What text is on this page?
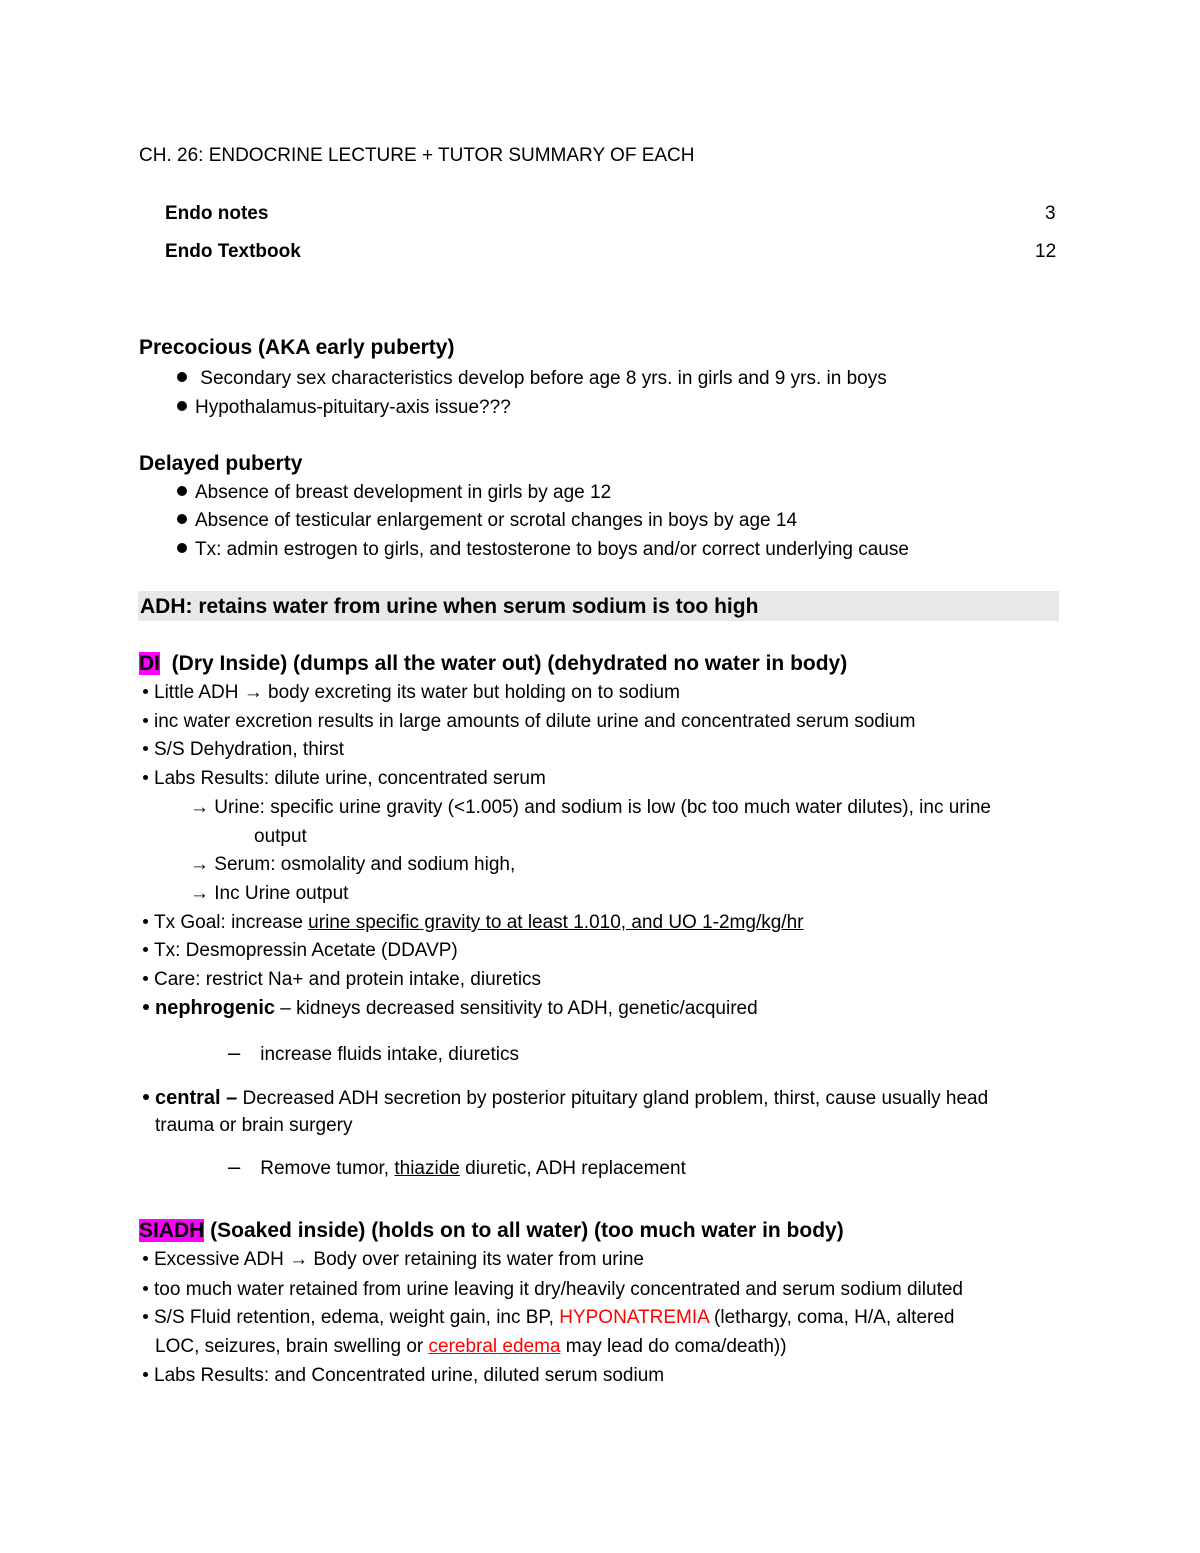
CH. 26: ENDOCRINE LECTURE + TUTOR SUMMARY OF EACH
Endo notes	3
Endo Textbook	12
Precocious (AKA early puberty)
Secondary sex characteristics develop before age 8 yrs. in girls and 9 yrs. in boys
Hypothalamus-pituitary-axis issue???
Delayed puberty
Absence of breast development in girls by age 12
Absence of testicular enlargement or scrotal changes in boys by age 14
Tx: admin estrogen to girls, and testosterone to boys and/or correct underlying cause
ADH: retains water from urine when serum sodium is too high
DI  (Dry Inside) (dumps all the water out) (dehydrated no water in body)
Little ADH → body excreting its water but holding on to sodium
inc water excretion results in large amounts of dilute urine and concentrated serum sodium
S/S Dehydration, thirst
Labs Results: dilute urine, concentrated serum
→ Urine: specific urine gravity (<1.005) and sodium is low (bc too much water dilutes), inc urine
output
→ Serum: osmolality and sodium high,
→ Inc Urine output
Tx Goal: increase urine specific gravity to at least 1.010, and UO 1-2mg/kg/hr
Tx: Desmopressin Acetate (DDAVP)
Care: restrict Na+ and protein intake, diuretics
nephrogenic – kidneys decreased sensitivity to ADH, genetic/acquired
– increase fluids intake, diuretics
central – Decreased ADH secretion by posterior pituitary gland problem, thirst, cause usually head
trauma or brain surgery
– Remove tumor, thiazide diuretic, ADH replacement
SIADH (Soaked inside) (holds on to all water) (too much water in body)
Excessive ADH → Body over retaining its water from urine
too much water retained from urine leaving it dry/heavily concentrated and serum sodium diluted
S/S Fluid retention, edema, weight gain, inc BP, HYPONATREMIA (lethargy, coma, H/A, altered
LOC, seizures, brain swelling or cerebral edema may lead do coma/death))
Labs Results: and Concentrated urine, diluted serum sodium
